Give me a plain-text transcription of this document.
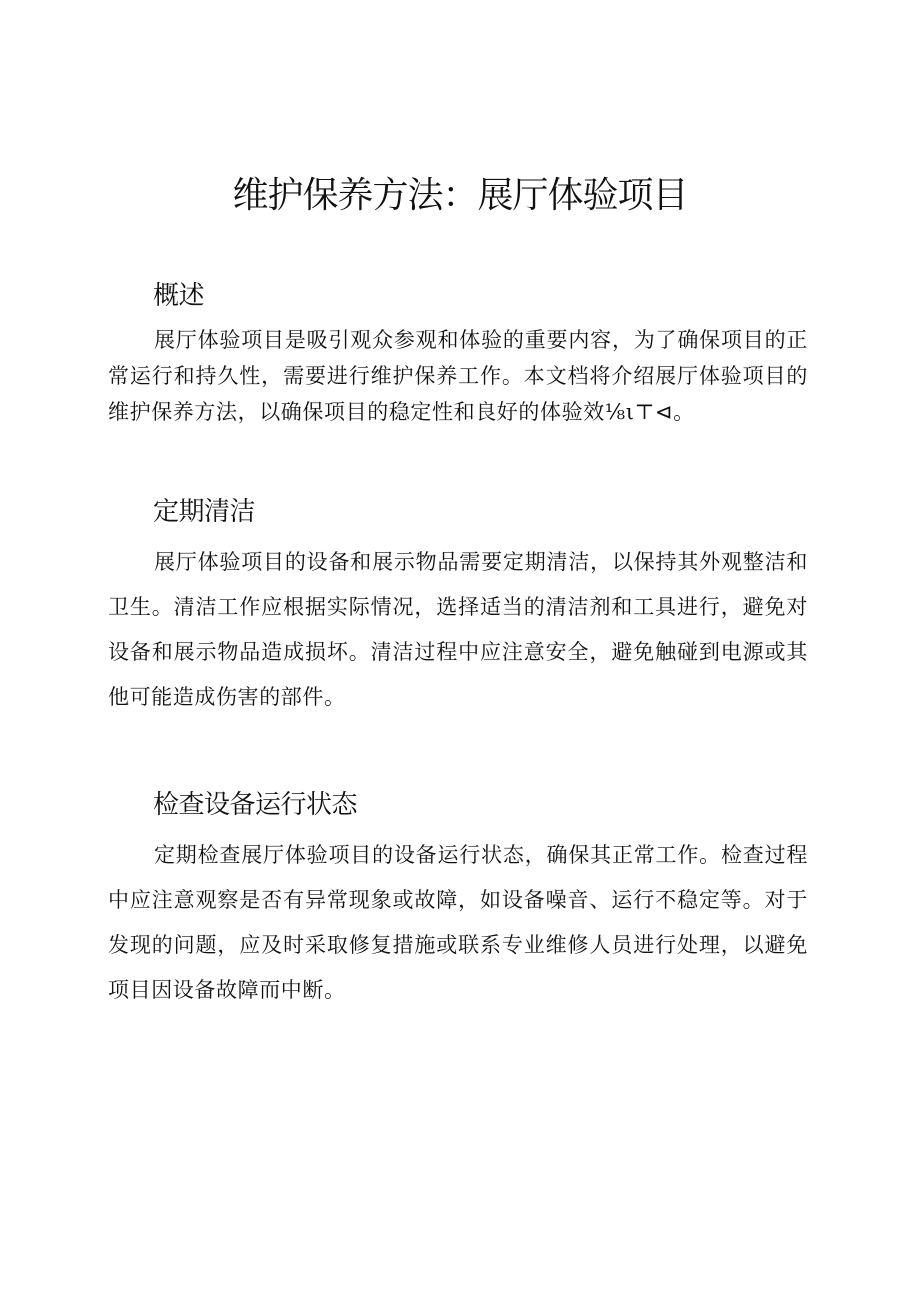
维护保养方法：展厅体验项目
概述

展厅体验项目是吸引观众参观和体验的重要内容，为了确保项目的正常运行和持久性，需要进行维护保养工作。本文档将介绍展厅体验项目的维护保养方法，以确保项目的稳定性和良好的体验效⅛ι⊤⊲。

定期清洁

展厅体验项目的设备和展示物品需要定期清洁，以保持其外观整洁和卫生。清洁工作应根据实际情况，选择适当的清洁剂和工具进行，避免对设备和展示物品造成损坏。清洁过程中应注意安全，避免触碰到电源或其他可能造成伤害的部件。

检查设备运行状态

定期检查展厅体验项目的设备运行状态，确保其正常工作。检查过程中应注意观察是否有异常现象或故障，如设备噪音、运行不稳定等。对于发现的问题，应及时采取修复措施或联系专业维修人员进行处理，以避免项目因设备故障而中断。
